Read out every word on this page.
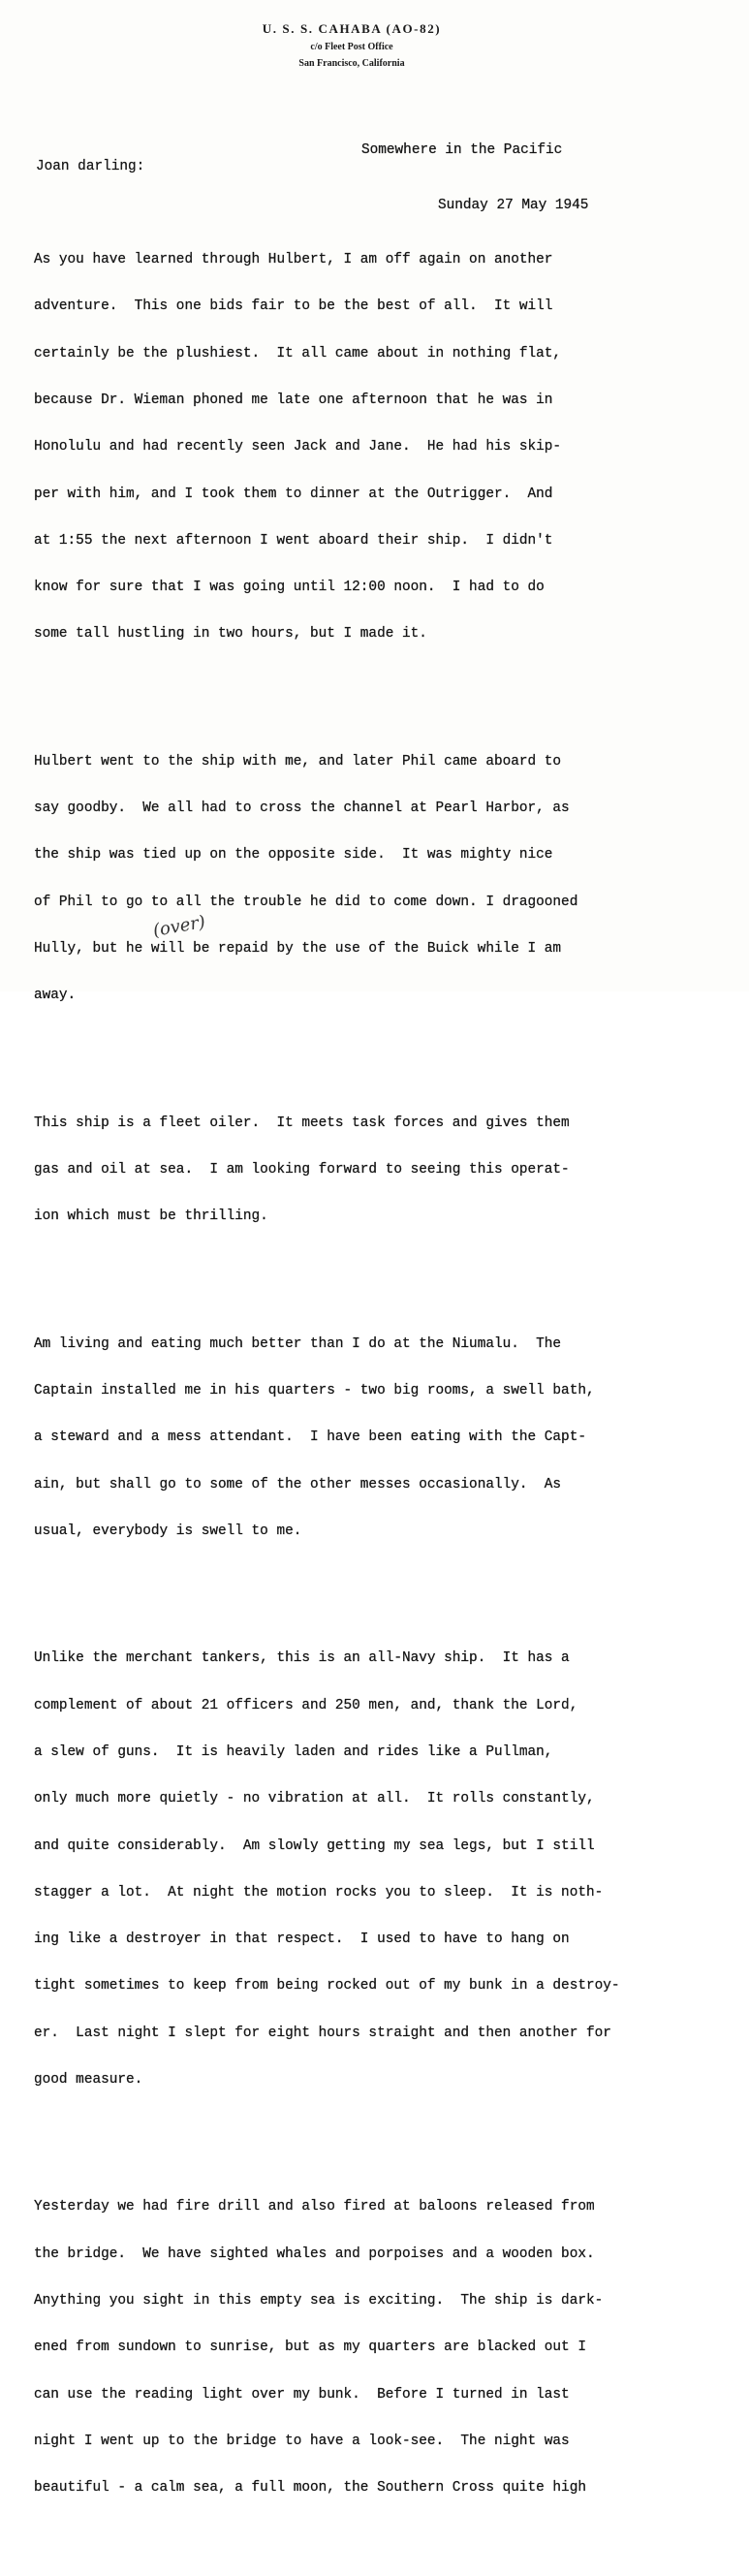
U. S. S. CAHABA (AO-82)
c/o Fleet Post Office
San Francisco, California

Somewhere in the Pacific

Sunday 27 May 1945

Joan darling:

As you have learned through Hulbert, I am off again on another

adventure.  This one bids fair to be the best of all.  It will

certainly be the plushiest.  It all came about in nothing flat,

because Dr. Wieman phoned me late one afternoon that he was in

Honolulu and had recently seen Jack and Jane.  He had his skip-

per with him, and I took them to dinner at the Outrigger.  And

at 1:55 the next afternoon I went aboard their ship.  I didn't

know for sure that I was going until 12:00 noon.  I had to do

some tall hustling in two hours, but I made it.

Hulbert went to the ship with me, and later Phil came aboard to

say goodby.  We all had to cross the channel at Pearl Harbor, as

the ship was tied up on the opposite side.  It was mighty nice

of Phil to go to all the trouble he did to come down. I dragooned

Hully, but he will be repaid by the use of the Buick while I am

away.

This ship is a fleet oiler.  It meets task forces and gives them

gas and oil at sea.  I am looking forward to seeing this operat-

ion which must be thrilling.

Am living and eating much better than I do at the Niumalu.  The

Captain installed me in his quarters - two big rooms, a swell bath,

a steward and a mess attendant.  I have been eating with the Capt-

ain, but shall go to some of the other messes occasionally.  As

usual, everybody is swell to me.

Unlike the merchant tankers, this is an all-Navy ship.  It has a

complement of about 21 officers and 250 men, and, thank the Lord,

a slew of guns.  It is heavily laden and rides like a Pullman,

only much more quietly - no vibration at all.  It rolls constantly,

and quite considerably.  Am slowly getting my sea legs, but I still

stagger a lot.  At night the motion rocks you to sleep.  It is noth-

ing like a destroyer in that respect.  I used to have to hang on

tight sometimes to keep from being rocked out of my bunk in a destroy-

er.  Last night I slept for eight hours straight and then another for

good measure.

Yesterday we had fire drill and also fired at baloons released from

the bridge.  We have sighted whales and porpoises and a wooden box.

Anything you sight in this empty sea is exciting.  The ship is dark-

ened from sundown to sunrise, but as my quarters are blacked out I

can use the reading light over my bunk.  Before I turned in last

night I went up to the bridge to have a look-see.  The night was

beautiful - a calm sea, a full moon, the Southern Cross quite high

(over)
